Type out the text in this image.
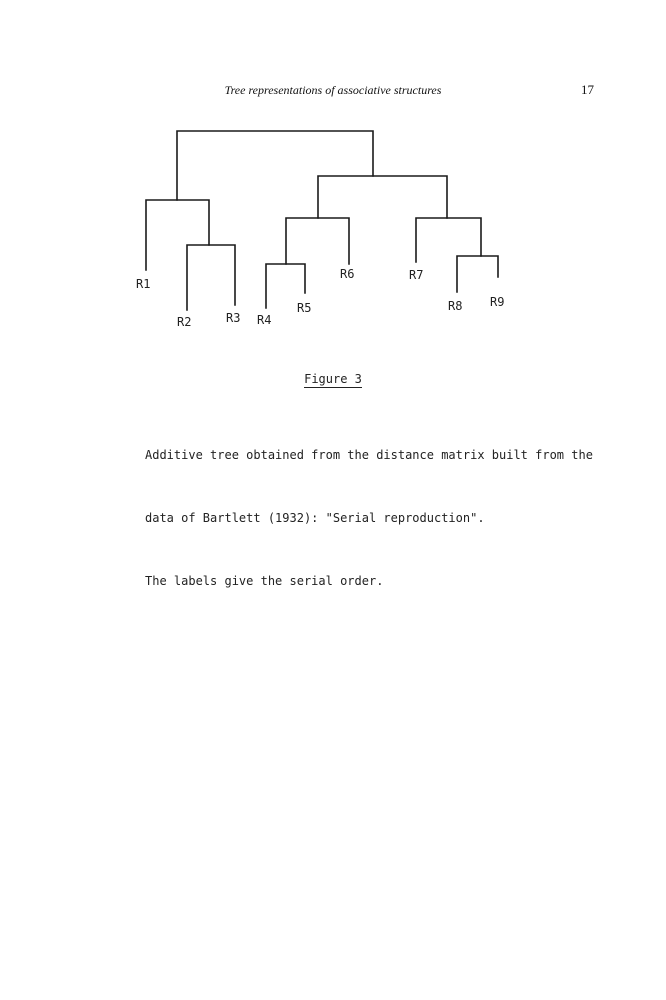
Tree representations of associative structures	17
R1
R2	R3 R4
R5
R6	R7
R8 R9
Figure 3

Additive tree obtained from the distance matrix built from the

data of Bartlett (1932): "Serial reproduction".

The labels give the serial order.
